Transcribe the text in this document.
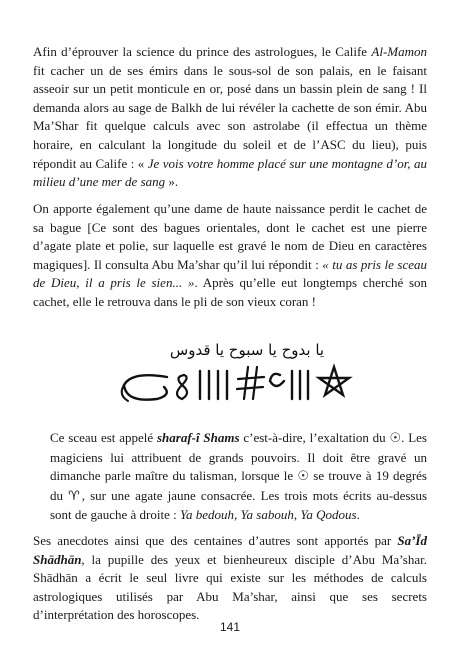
Afin d’éprouver la science du prince des astrologues, le Calife Al-Mamon fit cacher un de ses émirs dans le sous-sol de son palais, en le faisant asseoir sur un petit monticule en or, posé dans un bassin plein de sang ! Il demanda alors au sage de Balkh de lui révéler la cachette de son émir. Abu Ma’Shar fit quelque calculs avec son astrolabe (il effectua un thème horaire, en calculant la longitude du soleil et de l’ASC du lieu), puis répondit au Calife : « Je vois votre homme placé sur une montagne d’or, au milieu d’une mer de sang ».

On apporte également qu’une dame de haute naissance perdit le cachet de sa bague [Ce sont des bagues orientales, dont le cachet est une pierre d’agate plate et polie, sur laquelle est gravé le nom de Dieu en caractères magiques]. Il consulta Abu Ma’shar qu’il lui répondit : « tu as pris le sceau de Dieu, il a pris le sien... ». Après qu’elle eut longtemps cherché son cachet, elle le retrouva dans le pli de son vieux coran !

يا بدوح يا سبوح يا قدوس

Ce sceau est appelé sharaf-î Shams c’est-à-dire, l’exaltation du ☉. Les magiciens lui attribuent de grands pouvoirs. Il doit être gravé un dimanche parle maître du talisman, lorsque le ☉ se trouve à 19 degrés du ♈, sur une agate jaune consacrée. Les trois mots écrits au-dessus sont de gauche à droite : Ya bedouh, Ya sabouh, Ya Qodous.

Ses anecdotes ainsi que des centaines d’autres sont apportés par Sa’Īd Shādhān, la pupille des yeux et bienheureux disciple d’Abu Ma’shar. Shādhān a écrit le seul livre qui existe sur les méthodes de calculs astrologiques utilisés par Abu Ma’shar, ainsi que ses secrets d’interprétation des horoscopes.

141
